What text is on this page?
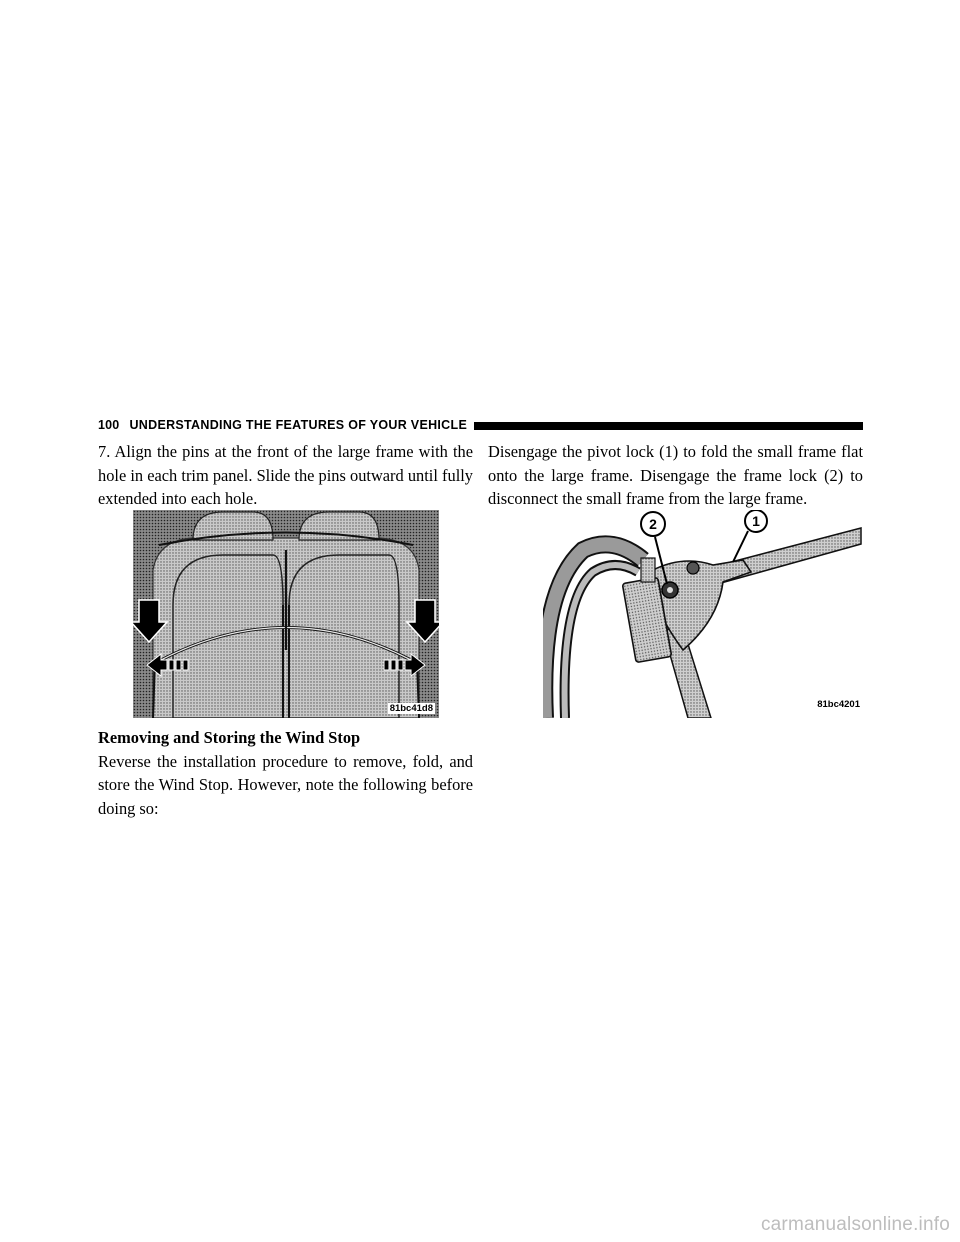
100 UNDERSTANDING THE FEATURES OF YOUR VEHICLE

7. Align the pins at the front of the large frame with the hole in each trim panel. Slide the pins outward until fully extended into each hole.

81bc41d8

Removing and Storing the Wind Stop

Reverse the installation procedure to remove, fold, and store the Wind Stop. However, note the following before doing so:

Disengage the pivot lock (1) to fold the small frame flat onto the large frame. Disengage the frame lock (2) to disconnect the small frame from the large frame.

2	1
81bc4201
carmanualsonline.info
